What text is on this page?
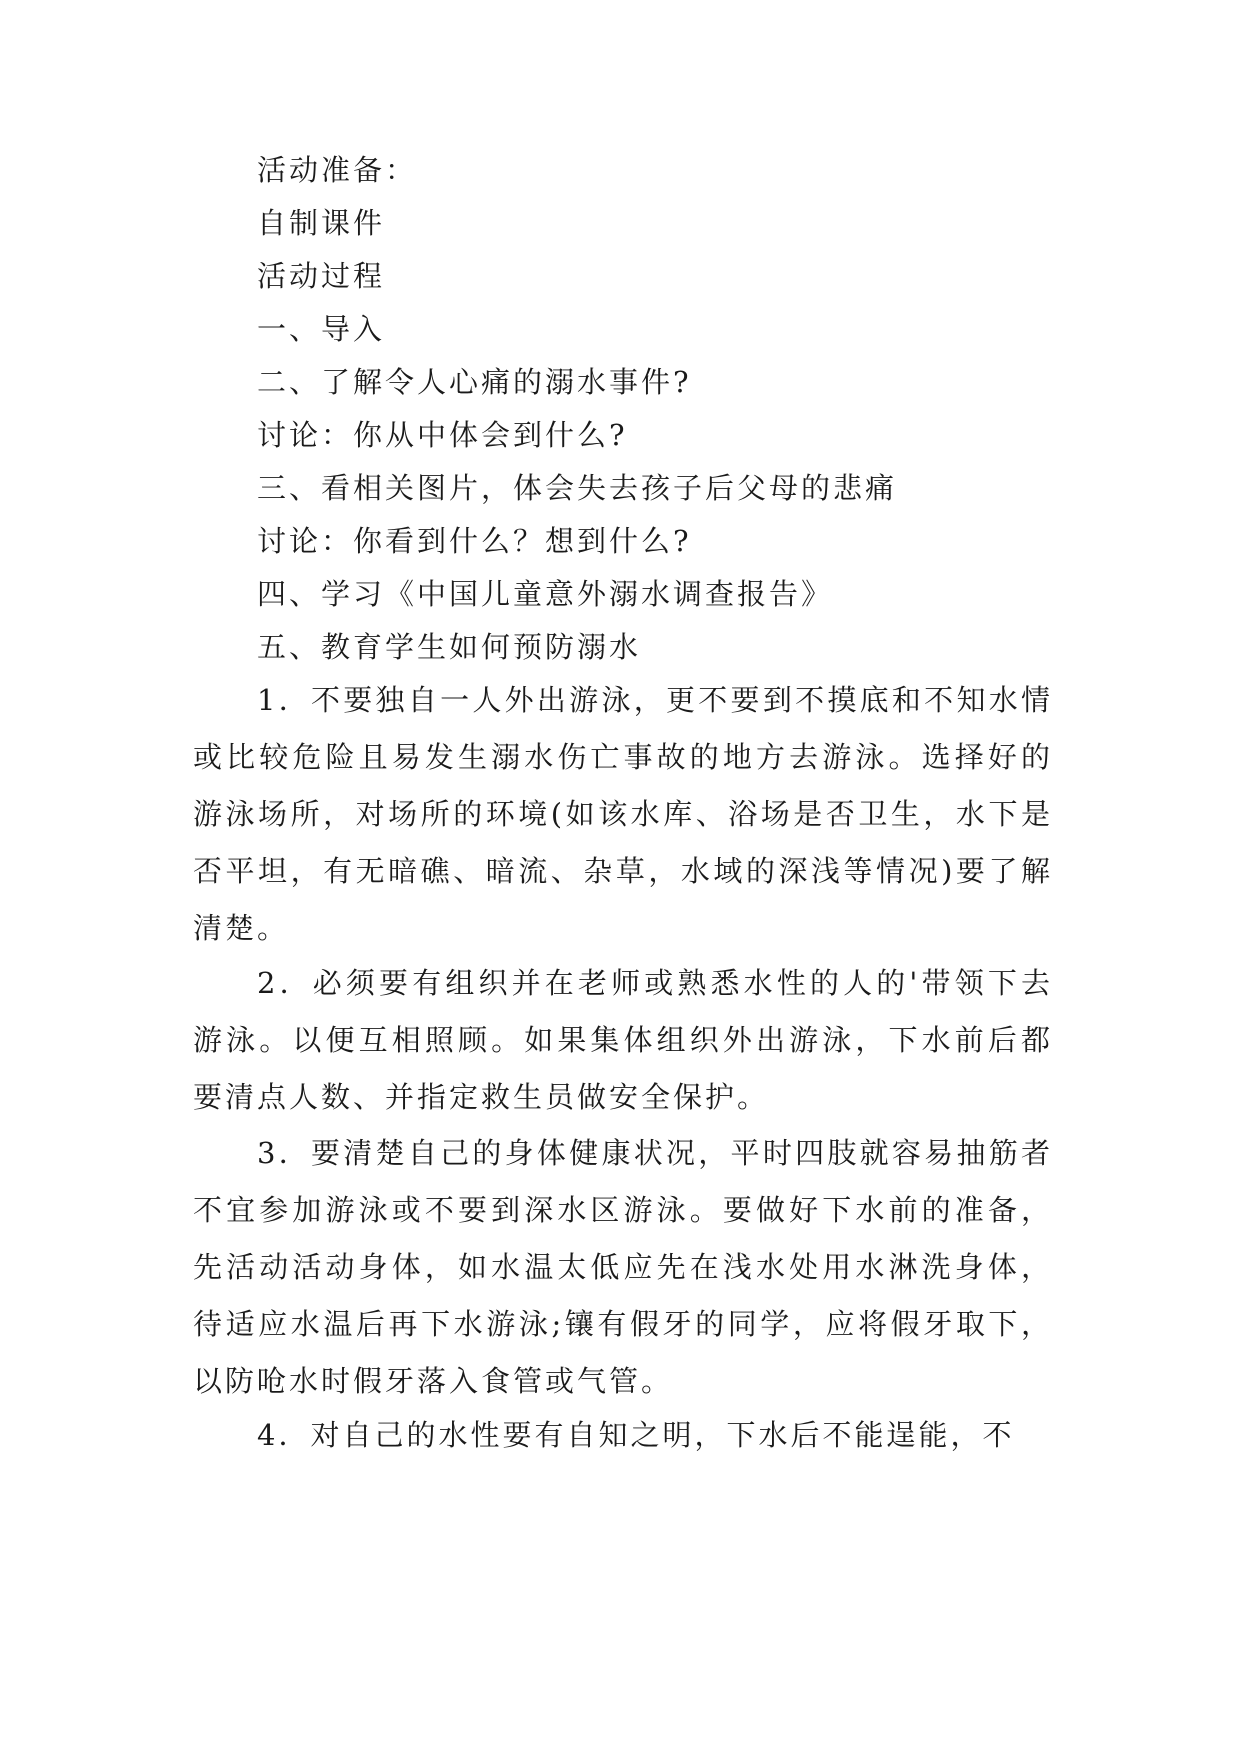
活动准备：
自制课件
活动过程
一、导入
二、了解令人心痛的溺水事件?
讨论：你从中体会到什么?
三、看相关图片，体会失去孩子后父母的悲痛
讨论：你看到什么？想到什么?
四、学习《中国儿童意外溺水调查报告》
五、教育学生如何预防溺水

1．不要独自一人外出游泳，更不要到不摸底和不知水情或比较危险且易发生溺水伤亡事故的地方去游泳。选择好的游泳场所，对场所的环境(如该水库、浴场是否卫生，水下是否平坦，有无暗礁、暗流、杂草，水域的深浅等情况)要了解清楚。

2．必须要有组织并在老师或熟悉水性的人的'带领下去游泳。以便互相照顾。如果集体组织外出游泳，下水前后都要清点人数、并指定救生员做安全保护。

3．要清楚自己的身体健康状况，平时四肢就容易抽筋者不宜参加游泳或不要到深水区游泳。要做好下水前的准备，先活动活动身体，如水温太低应先在浅水处用水淋洗身体，待适应水温后再下水游泳;镶有假牙的同学，应将假牙取下，以防呛水时假牙落入食管或气管。

4．对自己的水性要有自知之明，下水后不能逞能，不
